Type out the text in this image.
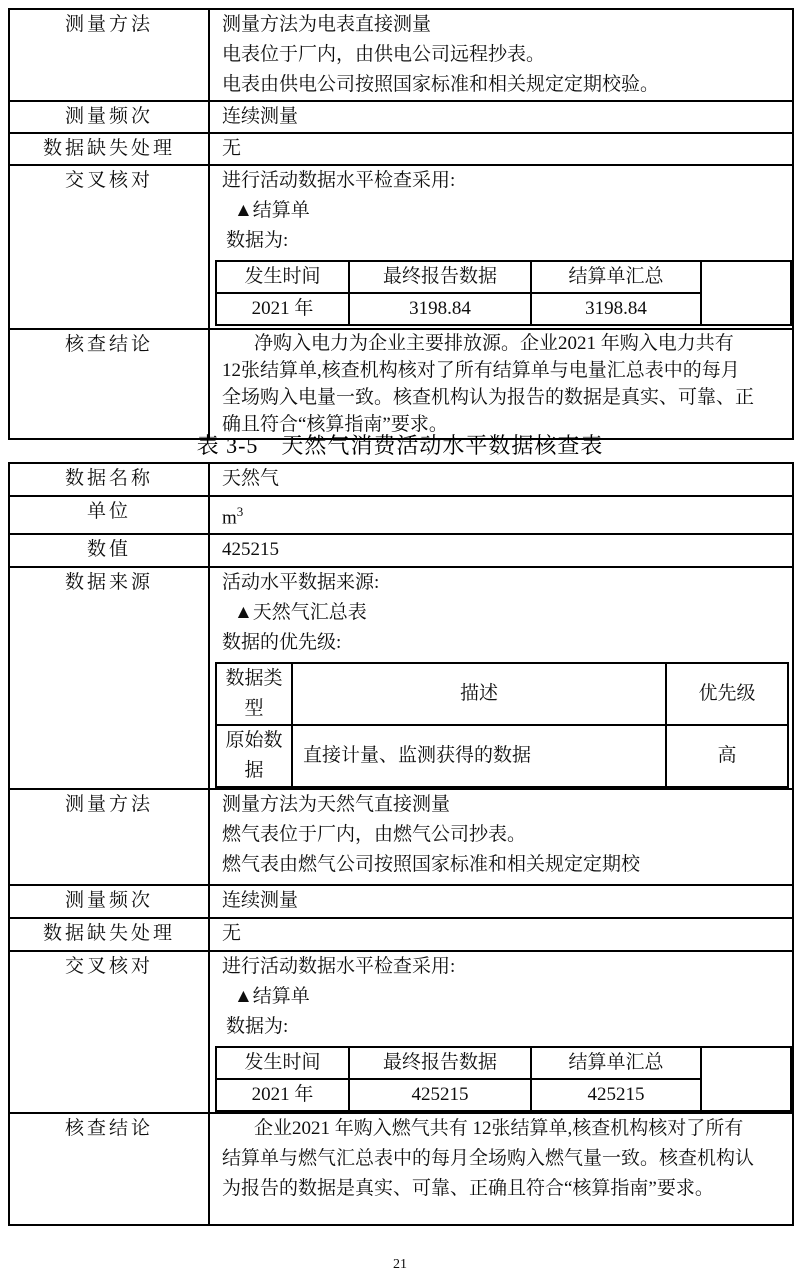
测量方法	测量方法为电表直接测量
电表位于厂内，由供电公司远程抄表。
电表由供电公司按照国家标准和相关规定定期校验。

测量频次	连续测量

数据缺失处理	无

交叉核对	进行活动数据水平检查采用:
▲结算单
数据为:
发生时间	最终报告数据	结算单汇总	
2021 年	3198.84	3198.84

核查结论	净购入电力为企业主要排放源。企业2021 年购入电力共有
12张结算单,核查机构核对了所有结算单与电量汇总表中的每月
全场购入电量一致。核查机构认为报告的数据是真实、可靠、正
确且符合“核算指南”要求。
表 3-5　天然气消费活动水平数据核查表
数据名称	天然气

单位	$m^3$

数值	425215

数据来源	活动水平数据来源:
▲天然气汇总表
数据的优先级:
数据类型	描述	优先级
原始数据	直接计量、监测获得的数据	高

测量方法	测量方法为天然气直接测量
燃气表位于厂内，由燃气公司抄表。
燃气表由燃气公司按照国家标准和相关规定定期校

测量频次	连续测量

数据缺失处理	无

交叉核对	进行活动数据水平检查采用:
▲结算单
数据为:
发生时间	最终报告数据	结算单汇总	
2021 年	425215	425215

核查结论	企业2021 年购入燃气共有 12张结算单,核查机构核对了所有
结算单与燃气汇总表中的每月全场购入燃气量一致。核查机构认
为报告的数据是真实、可靠、正确且符合“核算指南”要求。
21
